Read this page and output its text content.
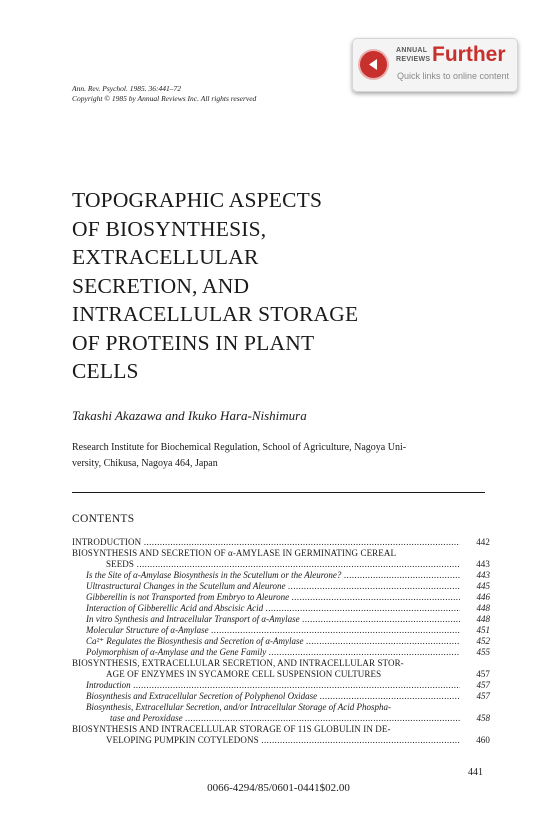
ANNUAL
REVIEWS Further
Quick links to online content
Ann. Rev. Psychol. 1985. 36:441–72
Copyright © 1985 by Annual Reviews Inc. All rights reserved
TOPOGRAPHIC ASPECTS
OF BIOSYNTHESIS,
EXTRACELLULAR
SECRETION, AND
INTRACELLULAR STORAGE
OF PROTEINS IN PLANT
CELLS
Takashi Akazawa and Ikuko Hara-Nishimura
Research Institute for Biochemical Regulation, School of Agriculture, Nagoya Uni-
versity, Chikusa, Nagoya 464, Japan
CONTENTS
INTRODUCTION .....	442
BIOSYNTHESIS AND SECRETION OF α-AMYLASE IN GERMINATING CEREAL
SEEDS .....	443
Is the Site of α-Amylase Biosynthesis in the Scutellum or the Aleurone? .....	443
Ultrastructural Changes in the Scutellum and Aleurone .....	445
Gibberellin is not Transported from Embryo to Aleurone .....	446
Interaction of Gibberellic Acid and Abscisic Acid .....	448
In vitro Synthesis and Intracellular Transport of α-Amylase .....	448
Molecular Structure of α-Amylase .....	451
Ca²⁺ Regulates the Biosynthesis and Secretion of α-Amylase .....	452
Polymorphism of α-Amylase and the Gene Family .....	455
BIOSYNTHESIS, EXTRACELLULAR SECRETION, AND INTRACELLULAR STOR-
AGE OF ENZYMES IN SYCAMORE CELL SUSPENSION CULTURES	457
Introduction .....	457
Biosynthesis and Extracellular Secretion of Polyphenol Oxidase .....	457
Biosynthesis, Extracellular Secretion, and/or Intracellular Storage of Acid Phospha-
tase and Peroxidase .....	458
BIOSYNTHESIS AND INTRACELLULAR STORAGE OF 11S GLOBULIN IN DE-
VELOPING PUMPKIN COTYLEDONS .....	460
441
0066-4294/85/0601-0441$02.00
